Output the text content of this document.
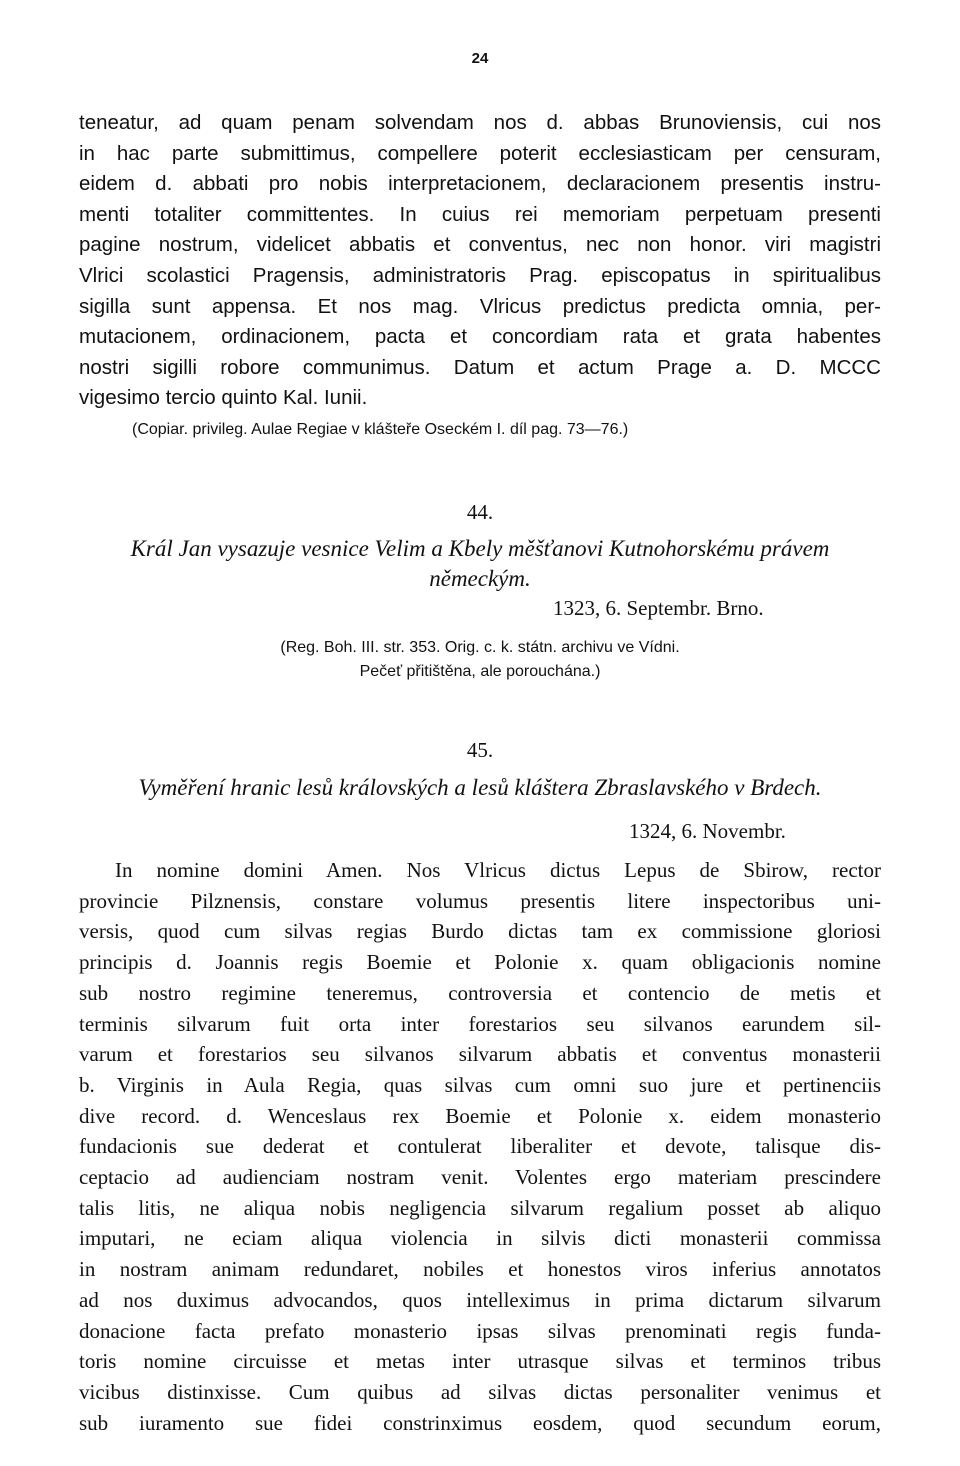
24
teneatur, ad quam penam solvendam nos d. abbas Brunoviensis, cui nos
in hac parte submittimus, compellere poterit ecclesiasticam per censuram,
eidem d. abbati pro nobis interpretacionem, declaracionem presentis instru-
menti totaliter committentes. In cuius rei memoriam perpetuam presenti
pagine nostrum, videlicet abbatis et conventus, nec non honor. viri magistri
Vlrici scolastici Pragensis, administratoris Prag. episcopatus in spiritualibus
sigilla sunt appensa. Et nos mag. Vlricus predictus predicta omnia, per-
mutacionem, ordinacionem, pacta et concordiam rata et grata habentes
nostri sigilli robore communimus. Datum et actum Prage a. D. MCCC
vigesimo tercio quinto Kal. Iunii.
(Copiar. privileg. Aulae Regiae v klášteře Oseckém I. díl pag. 73—76.)
44.
Král Jan vysazuje vesnice Velim a Kbely měšťanovi Kutnohorskému právem
německým.
1323, 6. Septembr. Brno.
(Reg. Boh. III. str. 353. Orig. c. k. státn. archivu ve Vídni.
Pečeť přitištěna, ale porouchána.)
45.
Vyměření hranic lesů královských a lesů kláštera Zbraslavského v Brdech.
1324, 6. Novembr.
In nomine domini Amen. Nos Vlricus dictus Lepus de Sbirow, rector
provincie Pilznensis, constare volumus presentis litere inspectoribus uni-
versis, quod cum silvas regias Burdo dictas tam ex commissione gloriosi
principis d. Joannis regis Boemie et Polonie x. quam obligacionis nomine
sub nostro regimine teneremus, controversia et contencio de metis et
terminis silvarum fuit orta inter forestarios seu silvanos earundem sil-
varum et forestarios seu silvanos silvarum abbatis et conventus monasterii
b. Virginis in Aula Regia, quas silvas cum omni suo jure et pertinenciis
dive record. d. Wenceslaus rex Boemie et Polonie x. eidem monasterio
fundacionis sue dederat et contulerat liberaliter et devote, talisque dis-
ceptacio ad audienciam nostram venit. Volentes ergo materiam prescindere
talis litis, ne aliqua nobis negligencia silvarum regalium posset ab aliquo
imputari, ne eciam aliqua violencia in silvis dicti monasterii commissa
in nostram animam redundaret, nobiles et honestos viros inferius annotatos
ad nos duximus advocandos, quos intelleximus in prima dictarum silvarum
donacione facta prefato monasterio ipsas silvas prenominati regis funda-
toris nomine circuisse et metas inter utrasque silvas et terminos tribus
vicibus distinxisse. Cum quibus ad silvas dictas personaliter venimus et
sub iuramento sue fidei constrinximus eosdem, quod secundum eorum,
